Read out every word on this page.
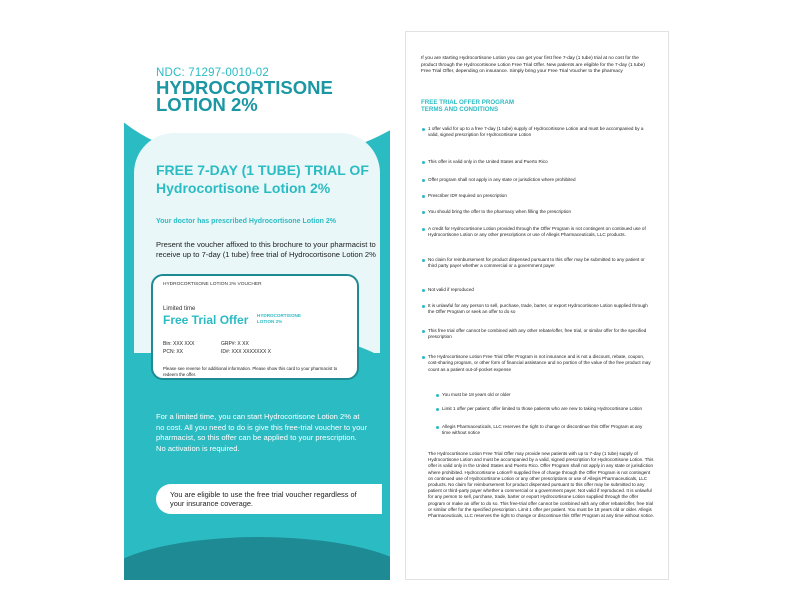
NDC: 71297-0010-02
HYDROCORTISONE LOTION 2%
FREE 7-DAY (1 TUBE) TRIAL OF Hydrocortisone Lotion 2%
Your doctor has prescribed Hydrocortisone Lotion 2%
Present the voucher affixed to this brochure to your pharmacist to receive up to 7-day (1 tube) free trial of Hydrocortisone Lotion 2%
HYDROCORTISONE LOTION 2% VOUCHER
Limited time
Free Trial Offer HYDROCORTISONE LOTION 2%
Bin: XXX XXX
PCN: XX
GRP#: X XX
ID#: XXX XXXXXXX X
Please see reverse for additional information. Please show this card to your pharmacist to redeem the offer.
For a limited time, you can start Hydrocortisone Lotion 2% at no cost. All you need to do is give this free-trial voucher to your pharmacist, so this offer can be applied to your prescription. No activation is required.
You are eligible to use the free trial voucher regardless of your insurance coverage.
If you are starting Hydrocortisone Lotion you can get your first free 7-day (1 tube) trial at no cost for the product through the Hydrocortisone Lotion Free Trial Offer. New patients are eligible for the 7-day (1 tube) Free Trial Offer, depending on insurance. Simply bring your Free Trial Voucher to the pharmacy
FREE TRIAL OFFER PROGRAM
TERMS AND CONDITIONS
1 offer valid for up to a free 7-day (1 tube) supply of Hydrocortisone Lotion and must be accompanied by a valid, signed prescription for Hydrocortisone Lotion
This offer is valid only in the United States and Puerto Rico
Offer program shall not apply in any state or jurisdiction where prohibited
Prescriber ID# required on prescription
You should bring the offer to the pharmacy when filling the prescription
A credit for Hydrocortisone Lotion provided through the Offer Program is not contingent on continued use of Hydrocortisone Lotion or any other prescriptions or use of Allegis Pharmaceuticals, LLC products.
No claim for reimbursement for product dispensed pursuant to this offer may be submitted to any patient or third party payer whether a commercial or a government payer
Not valid if reproduced
It is unlawful for any person to sell, purchase, trade, barter, or export Hydrocortisone Lotion supplied through the Offer Program or seek an offer to do so
This free trial offer cannot be combined with any other rebate/offer, free trial, or similar offer for the specified prescription
The Hydrocortisone Lotion Free Trial Offer Program is not insurance and is not a discount, rebate, coupon, cost-sharing program, or other form of financial assistance and no portion of the value of the free product may count as a patient out-of-pocket expense
You must be 18 years old or older
Limit 1 offer per patient; offer limited to those patients who are new to taking Hydrocortisone Lotion
Allegis Pharmaceuticals, LLC reserves the right to change or discontinue this Offer Program at any time without notice
The Hydrocortisone Lotion Free Trial Offer may provide new patients with up to 7-day (1 tube) supply of Hydrocortisone Lotion and must be accompanied by a valid, signed prescription for Hydrocortisone Lotion. This offer is valid only in the United States and Puerto Rico. Offer Program shall not apply in any state or jurisdiction where prohibited. Hydrocortisone Lotion® supplied free of charge through the Offer Program is not contingent on continued use of Hydrocortisone Lotion or any other prescriptions or use of Allegis Pharmaceuticals, LLC products. No claim for reimbursement for product dispensed pursuant to this offer may be submitted to any patient or third-party payer whether a commercial or a government payer. Not valid if reproduced. It is unlawful for any person to sell, purchase, trade, barter or export Hydrocortisone Lotion supplied through the offer program or make an offer to do so. This free-trial offer cannot be combined with any other rebate/offer, free trial or similar offer for the specified prescription. Limit 1 offer per patient. You must be 18 years old or older. Allegis Pharmaceuticals, LLC reserves the right to change or discontinue this Offer Program at any time without notice.
